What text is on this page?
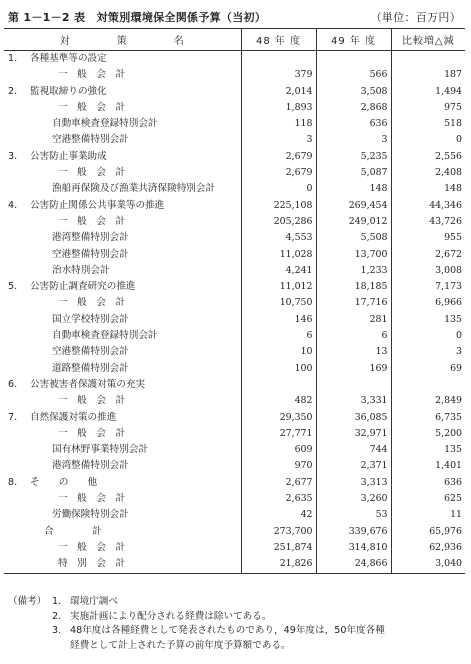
第 1－1－2 表　対策別環境保全関係予算（当初）	（単位：百万円）
対 策 名	48 年 度	49 年 度	比較増△減

1. 各種基準等の設定			

一　般　会　計	379	566	187

2. 監視取締りの強化	2,014	3,508	1,494

一　般　会　計	1,893	2,868	975

自動車検査登録特別会計	118	636	518

空港整備特別会計	3	3	0

3. 公害防止事業助成	2,679	5,235	2,556

一　般　会　計	2,679	5,087	2,408

漁船再保険及び漁業共済保険特別会計	0	148	148

4. 公害防止関係公共事業等の推進	225,108	269,454	44,346

一　般　会　計	205,286	249,012	43,726

港湾整備特別会計	4,553	5,508	955

空港整備特別会計	11,028	13,700	2,672

治水特別会計	4,241	1,233	3,008

5. 公害防止調査研究の推進	11,012	18,185	7,173

一　般　会　計	10,750	17,716	6,966

国立学校特別会計	146	281	135

自動車検査登録特別会計	6	6	0

空港整備特別会計	10	13	3

道路整備特別会計	100	169	69

6. 公害被害者保護対策の充実			

一　般　会　計	482	3,331	2,849

7. 自然保護対策の推進	29,350	36,085	6,735

一　般　会　計	27,771	32,971	5,200

国有林野事業特別会計	609	744	135

港湾整備特別会計	970	2,371	1,401

8. そ　　の　　他	2,677	3,313	636

一　般　会　計	2,635	3,260	625

労働保険特別会計	42	53	11

合　　　　計	273,700	339,676	65,976

一　般　会　計	251,874	314,810	62,936

特　別　会　計	21,826	24,866	3,040
（備考） 1. 環境庁調べ
2. 実施計画により配分される経費は除いてある。
3. 48年度は各種経費として発表されたものであり，49年度は，50年度各種
経費として計上された予算の前年度予算額である。
